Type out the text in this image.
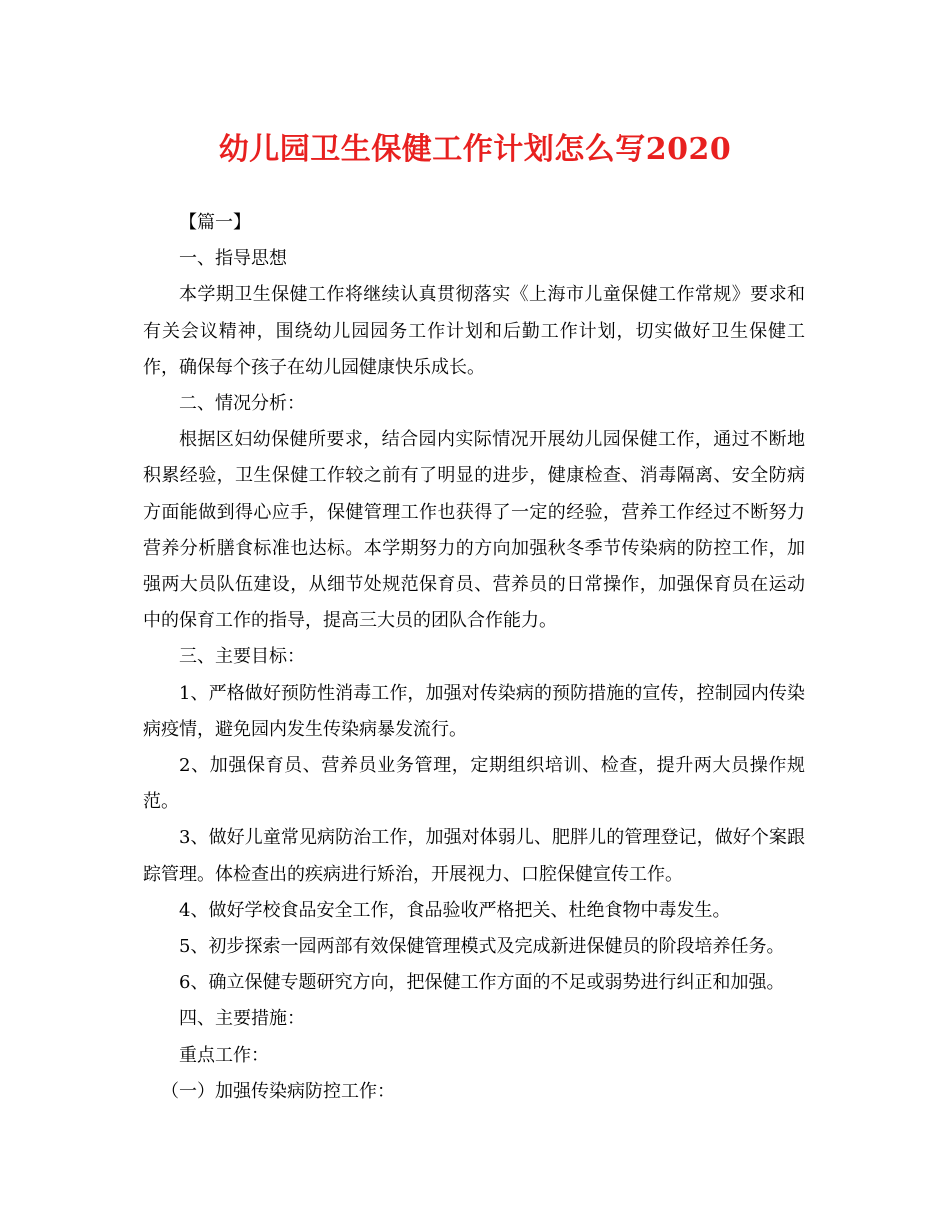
幼儿园卫生保健工作计划怎么写2020

【篇一】

一、指导思想

本学期卫生保健工作将继续认真贯彻落实《上海市儿童保健工作常规》要求和有关会议精神，围绕幼儿园园务工作计划和后勤工作计划，切实做好卫生保健工作，确保每个孩子在幼儿园健康快乐成长。

二、情况分析：

根据区妇幼保健所要求，结合园内实际情况开展幼儿园保健工作，通过不断地积累经验，卫生保健工作较之前有了明显的进步，健康检查、消毒隔离、安全防病方面能做到得心应手，保健管理工作也获得了一定的经验，营养工作经过不断努力营养分析膳食标准也达标。本学期努力的方向加强秋冬季节传染病的防控工作，加强两大员队伍建设，从细节处规范保育员、营养员的日常操作，加强保育员在运动中的保育工作的指导，提高三大员的团队合作能力。

三、主要目标：

1、严格做好预防性消毒工作，加强对传染病的预防措施的宣传，控制园内传染病疫情，避免园内发生传染病暴发流行。

2、加强保育员、营养员业务管理，定期组织培训、检查，提升两大员操作规范。

3、做好儿童常见病防治工作，加强对体弱儿、肥胖儿的管理登记，做好个案跟踪管理。体检查出的疾病进行矫治，开展视力、口腔保健宣传工作。

4、做好学校食品安全工作，食品验收严格把关、杜绝食物中毒发生。

5、初步探索一园两部有效保健管理模式及完成新进保健员的阶段培养任务。

6、确立保健专题研究方向，把保健工作方面的不足或弱势进行纠正和加强。

四、主要措施：

重点工作：

（一）加强传染病防控工作：
